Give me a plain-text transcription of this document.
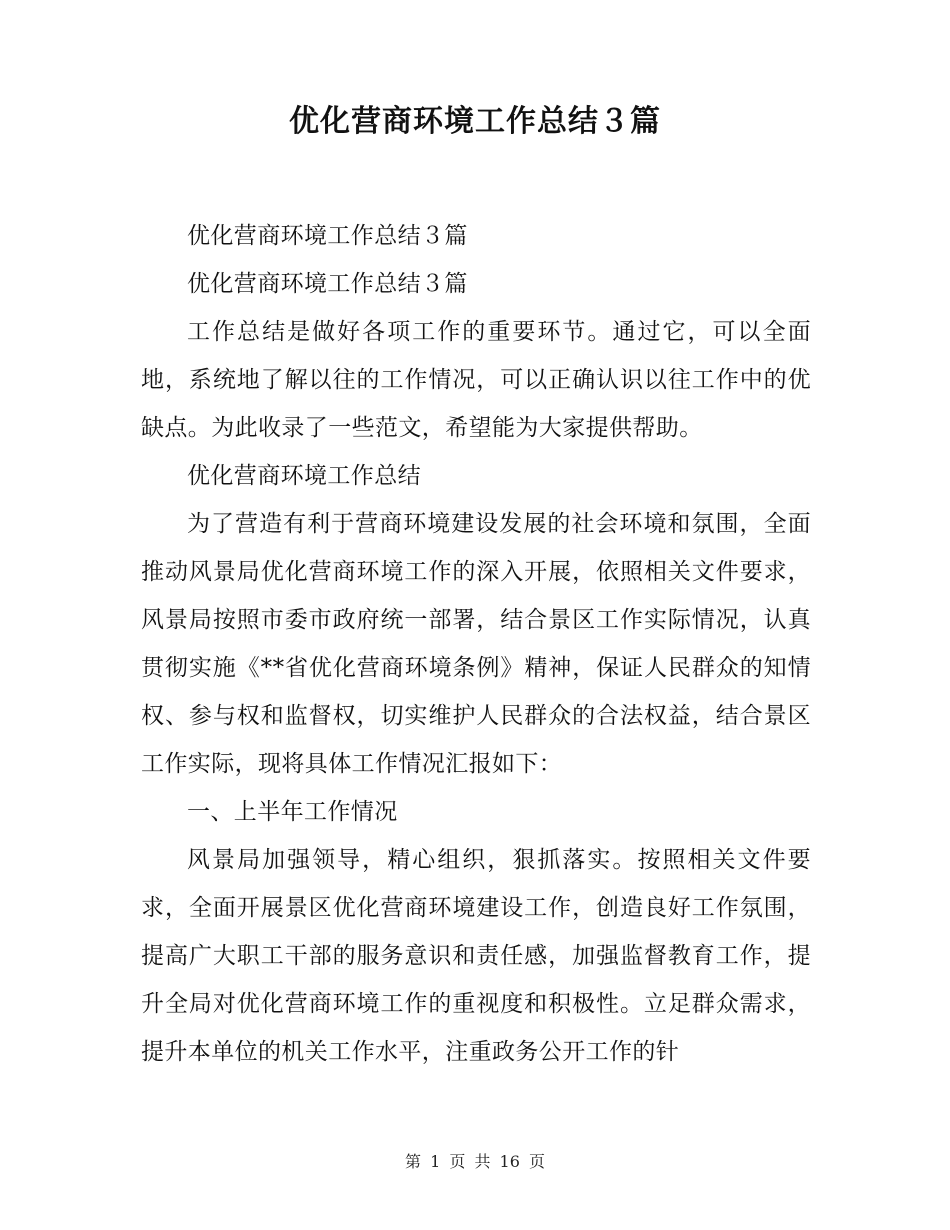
优化营商环境工作总结３篇

优化营商环境工作总结３篇

优化营商环境工作总结３篇

工作总结是做好各项工作的重要环节。通过它，可以全面地，系统地了解以往的工作情况，可以正确认识以往工作中的优缺点。为此收录了一些范文，希望能为大家提供帮助。

优化营商环境工作总结

为了营造有利于营商环境建设发展的社会环境和氛围，全面推动风景局优化营商环境工作的深入开展，依照相关文件要求，风景局按照市委市政府统一部署，结合景区工作实际情况，认真贯彻实施《**省优化营商环境条例》精神，保证人民群众的知情权、参与权和监督权，切实维护人民群众的合法权益，结合景区工作实际，现将具体工作情况汇报如下：

一、上半年工作情况

风景局加强领导，精心组织，狠抓落实。按照相关文件要求，全面开展景区优化营商环境建设工作，创造良好工作氛围，提高广大职工干部的服务意识和责任感，加强监督教育工作，提升全局对优化营商环境工作的重视度和积极性。立足群众需求，提升本单位的机关工作水平，注重政务公开工作的针

第 1 页 共 16 页
